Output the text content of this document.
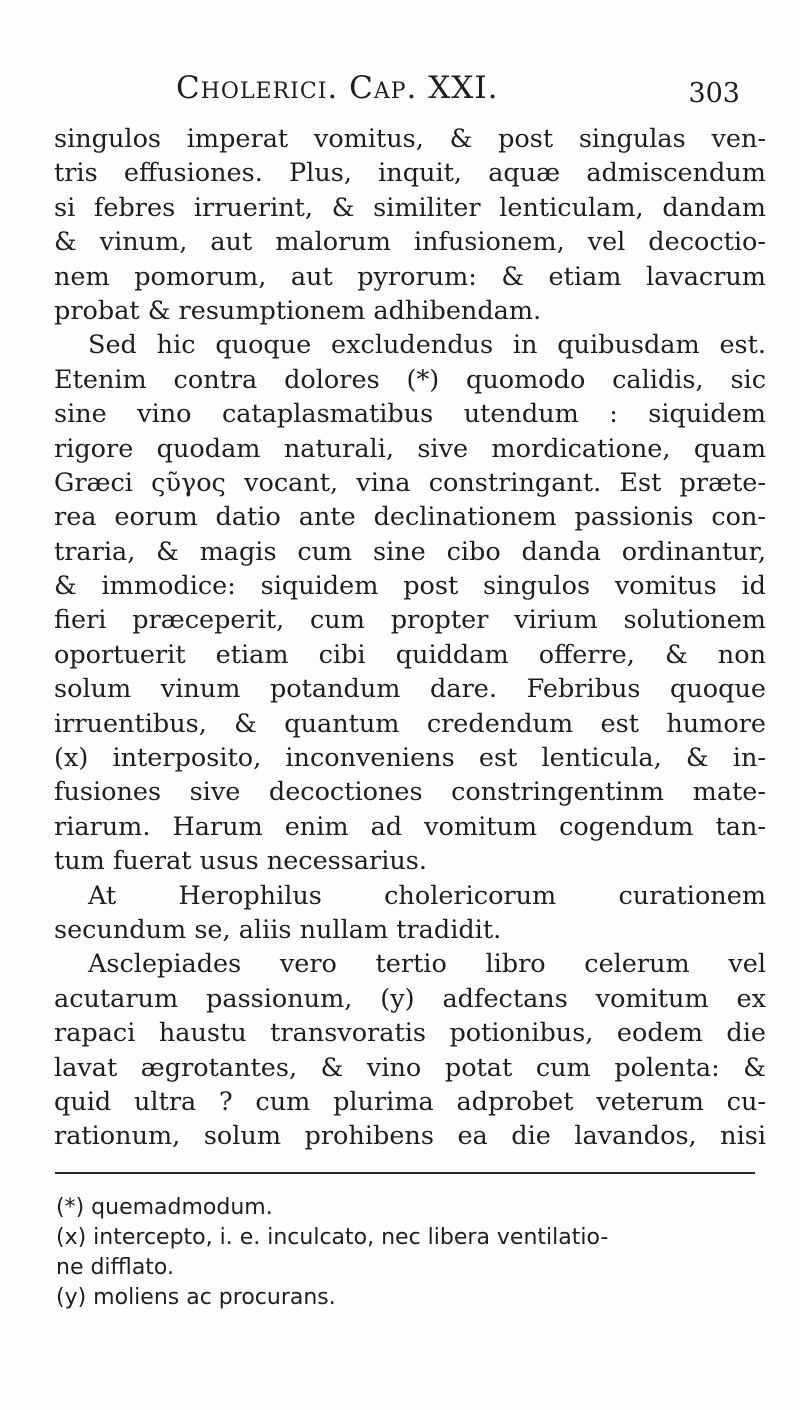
Cholerici. Cap. XXI.	303
singulos imperat vomitus, & post singulas ven-
tris effusiones. Plus, inquit, aquæ admiscendum
si febres irruerint, & similiter lenticulam, dandam
& vinum, aut malorum infusionem, vel decoctio-
nem pomorum, aut pyrorum: & etiam lavacrum
probat & resumptionem adhibendam.
Sed hic quoque excludendus in quibusdam est.
Etenim contra dolores (*) quomodo calidis, sic
sine vino cataplasmatibus utendum : siquidem
rigore quodam naturali, sive mordicatione, quam
Græci ςῦγος vocant, vina constringant. Est præte-
rea eorum datio ante declinationem passionis con-
traria, & magis cum sine cibo danda ordinantur,
& immodice: siquidem post singulos vomitus id
fieri præceperit, cum propter virium solutionem
oportuerit etiam cibi quiddam offerre, & non
solum vinum potandum dare. Febribus quoque
irruentibus, & quantum credendum est humore
(x) interposito, inconveniens est lenticula, & in-
fusiones sive decoctiones constringentinm mate-
riarum. Harum enim ad vomitum cogendum tan-
tum fuerat usus necessarius.
At Herophilus cholericorum curationem
secundum se, aliis nullam tradidit.
Asclepiades vero tertio libro celerum vel
acutarum passionum, (y) adfectans vomitum ex
rapaci haustu transvoratis potionibus, eodem die
lavat ægrotantes, & vino potat cum polenta: &
quid ultra ? cum plurima adprobet veterum cu-
rationum, solum prohibens ea die lavandos, nisi
(*) quemadmodum.
(x) intercepto, i. e. inculcato, nec libera ventilatio-
ne difflato.
(y) moliens ac procurans.
